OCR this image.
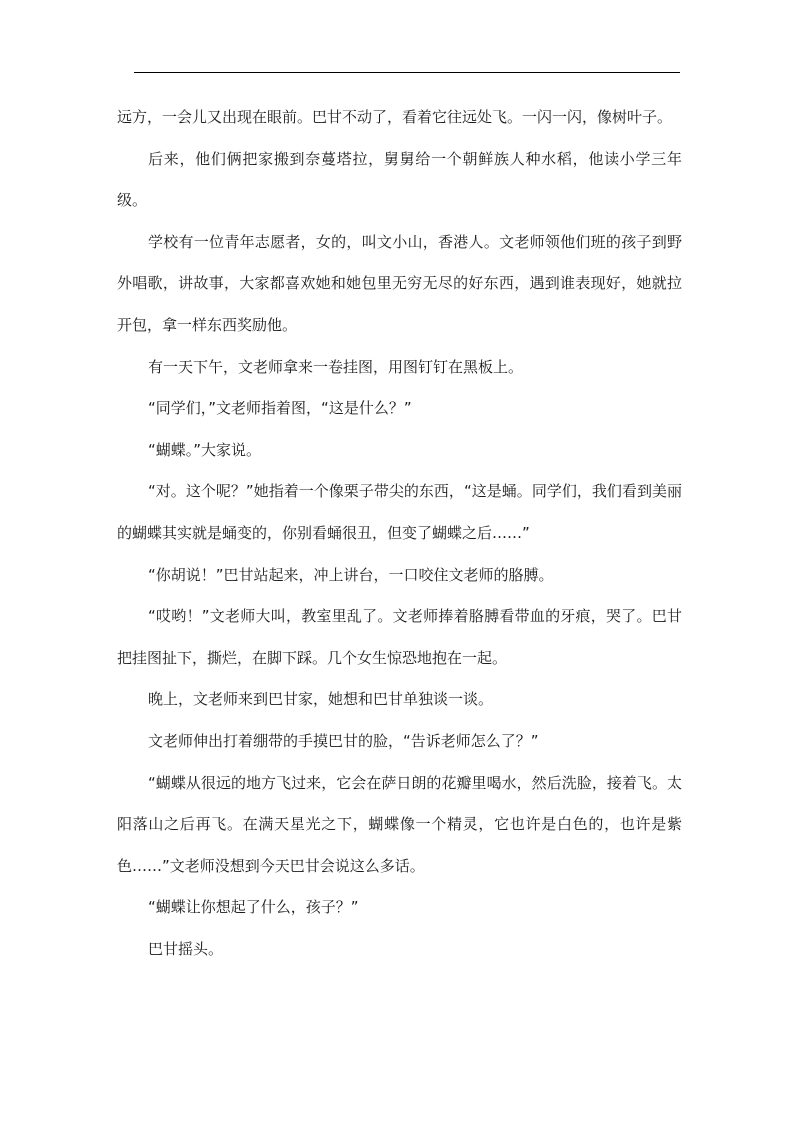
远方，一会儿又出现在眼前。巴甘不动了，看着它往远处飞。一闪一闪，像树叶子。

后来，他们俩把家搬到奈蔓塔拉，舅舅给一个朝鲜族人种水稻，他读小学三年级。

学校有一位青年志愿者，女的，叫文小山，香港人。文老师领他们班的孩子到野外唱歌，讲故事，大家都喜欢她和她包里无穷无尽的好东西，遇到谁表现好，她就拉开包，拿一样东西奖励他。

有一天下午，文老师拿来一卷挂图，用图钉钉在黑板上。

“同学们，”文老师指着图，“这是什么？”

“蝴蝶。”大家说。

“对。这个呢？”她指着一个像栗子带尖的东西，“这是蛹。同学们，我们看到美丽的蝴蝶其实就是蛹变的，你别看蛹很丑，但变了蝴蝶之后……”

“你胡说！”巴甘站起来，冲上讲台，一口咬住文老师的胳膊。

“哎哟！”文老师大叫，教室里乱了。文老师捧着胳膊看带血的牙痕，哭了。巴甘把挂图扯下，撕烂，在脚下踩。几个女生惊恐地抱在一起。

晚上，文老师来到巴甘家，她想和巴甘单独谈一谈。

文老师伸出打着绷带的手摸巴甘的脸，“告诉老师怎么了？”

“蝴蝶从很远的地方飞过来，它会在萨日朗的花瓣里喝水，然后洗脸，接着飞。太阳落山之后再飞。在满天星光之下，蝴蝶像一个精灵，它也许是白色的，也许是紫色……”文老师没想到今天巴甘会说这么多话。

“蝴蝶让你想起了什么，孩子？”

巴甘摇头。
